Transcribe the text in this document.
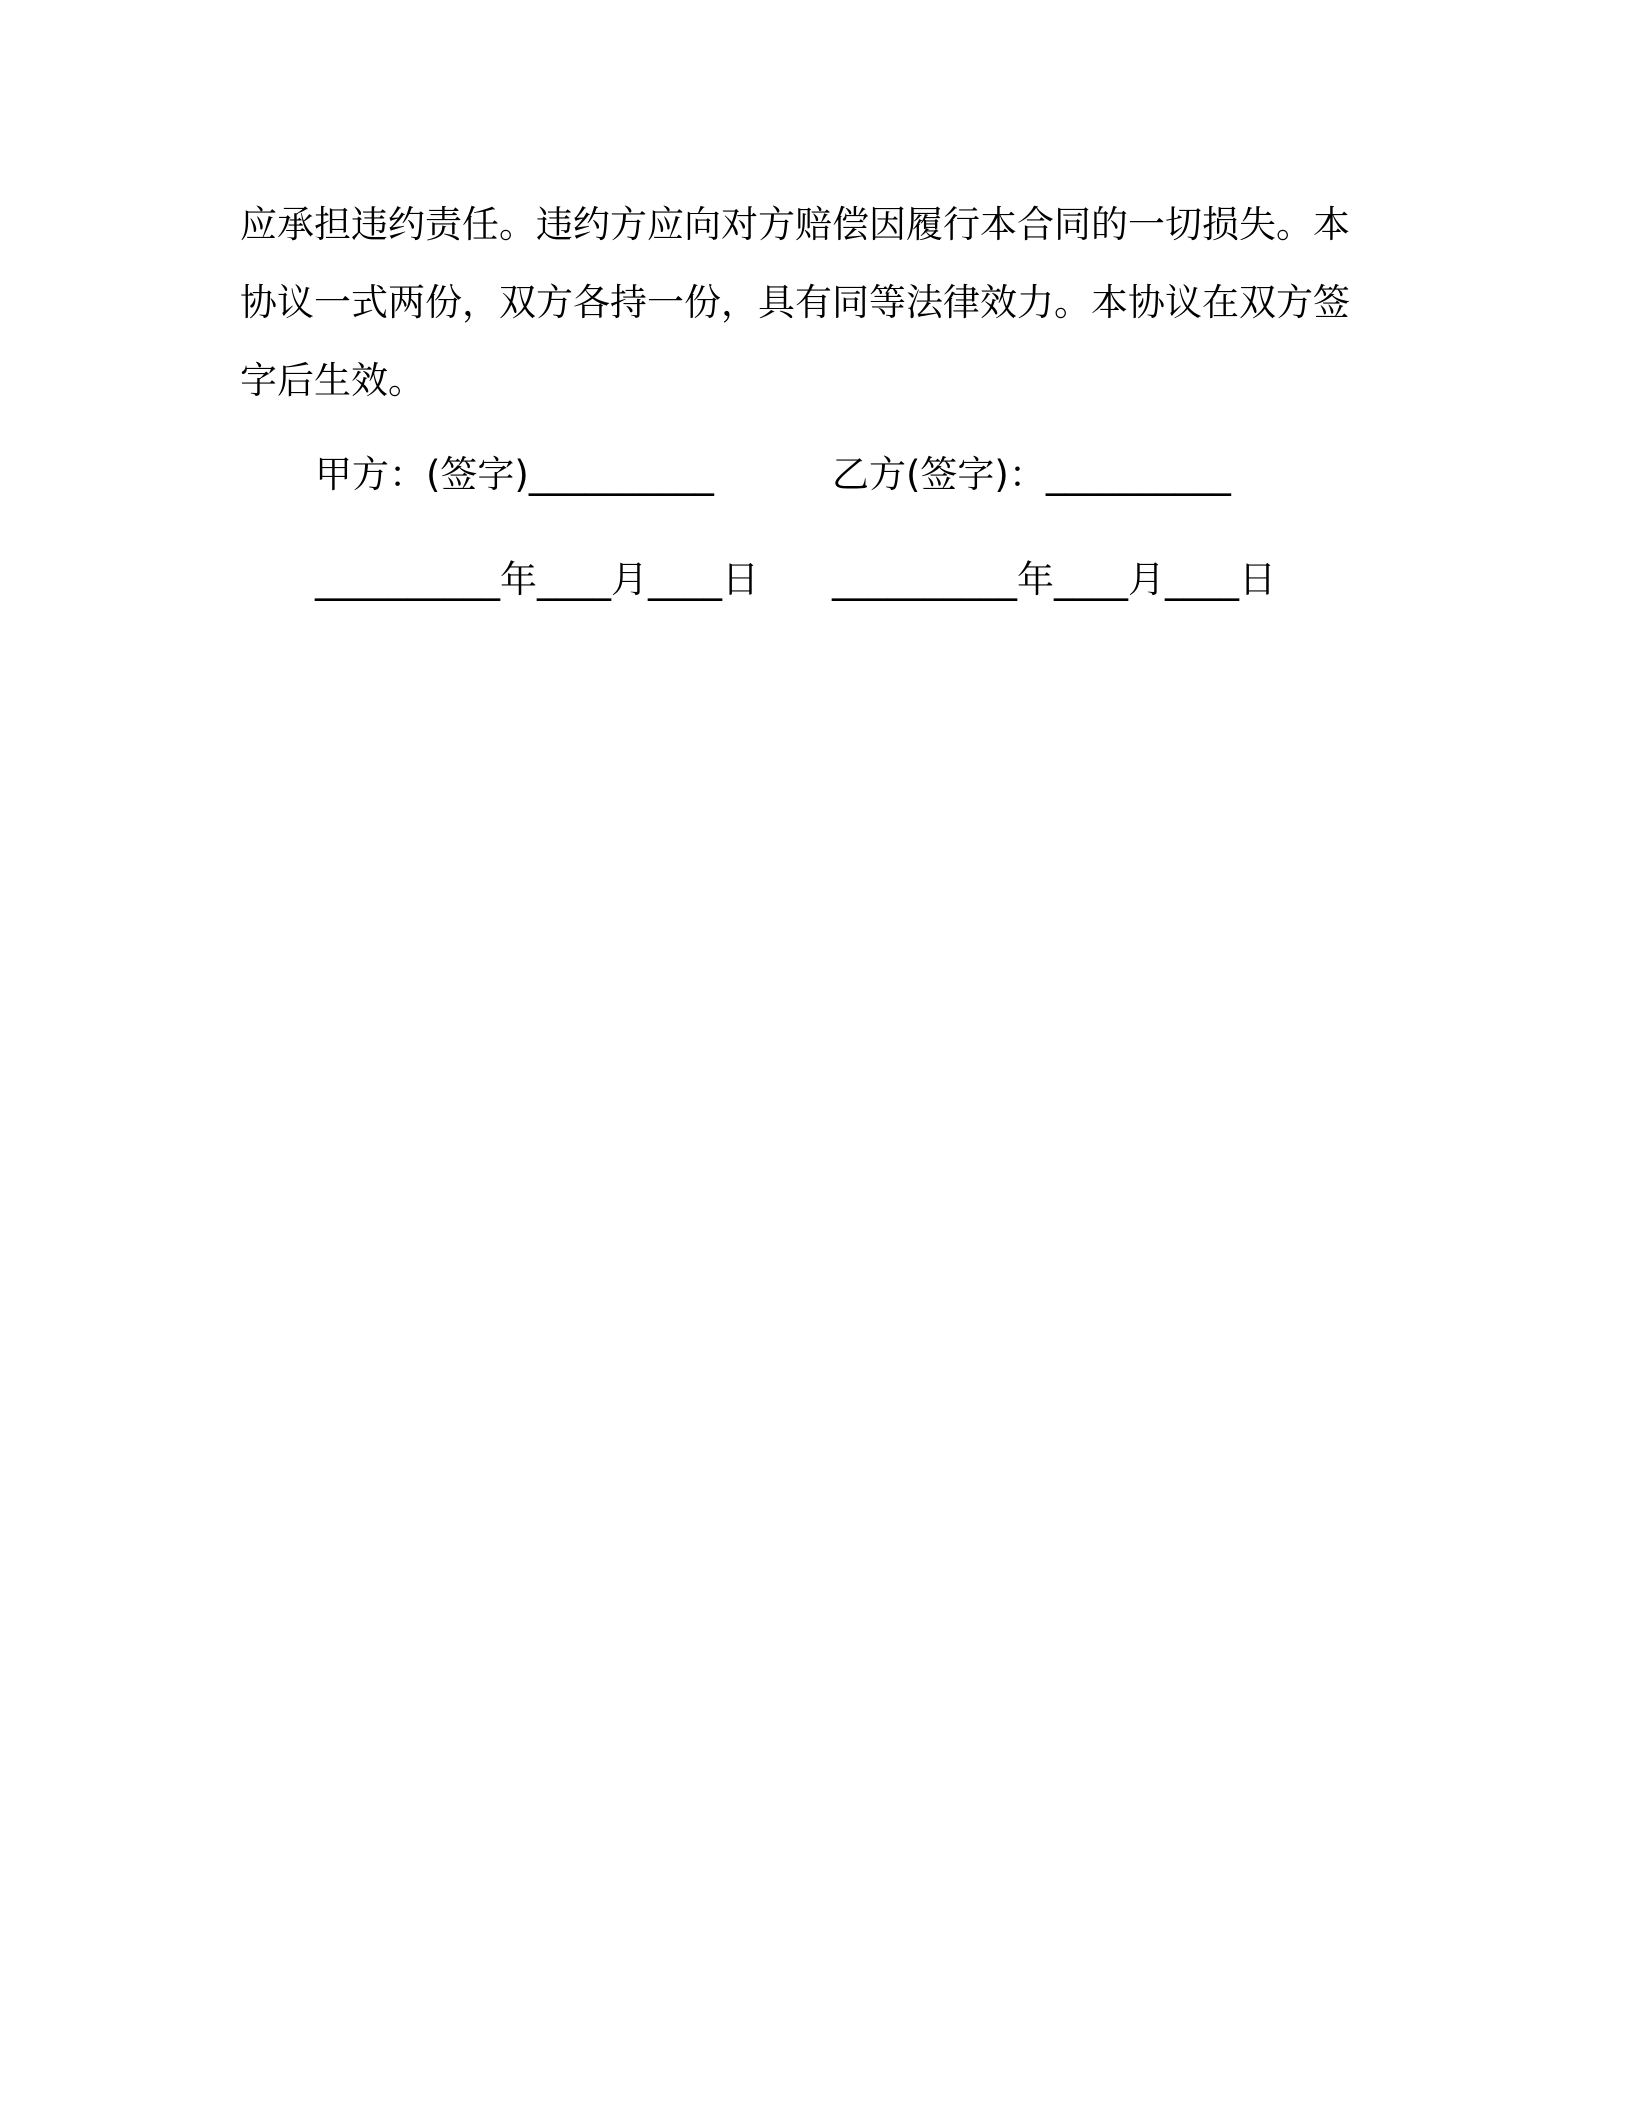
应承担违约责任。违约方应向对方赔偿因履行本合同的一切损失。本
协议一式两份，双方各持一份，具有同等法律效力。本协议在双方签
字后生效。
甲方：(签字)__________	乙方(签字)：__________
__________年____月____日 __________年____月____日
